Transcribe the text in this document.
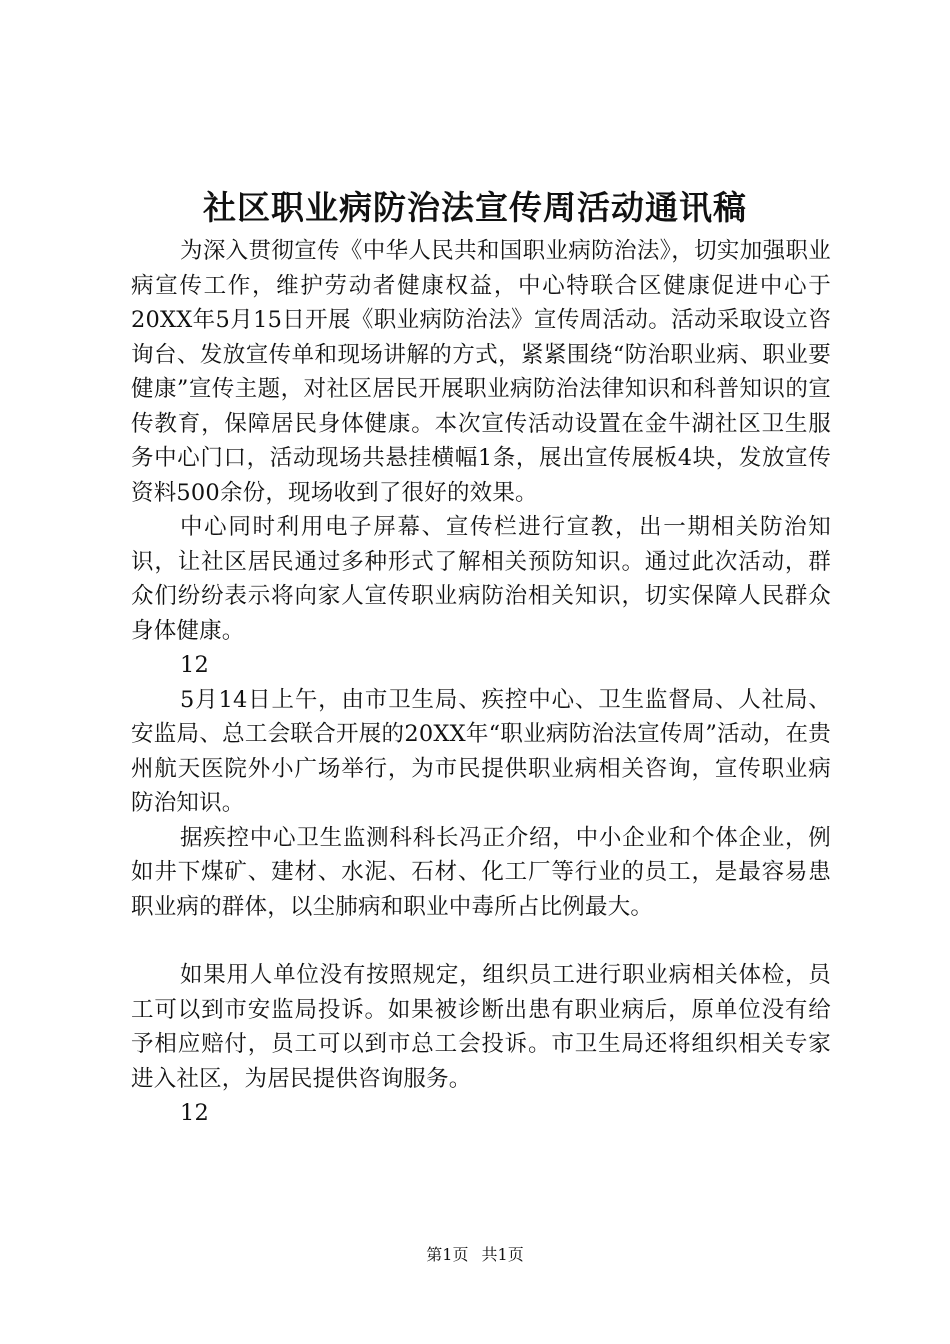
社区职业病防治法宣传周活动通讯稿

为深入贯彻宣传《中华人民共和国职业病防治法》，切实加强职业病宣传工作，维护劳动者健康权益，中心特联合区健康促进中心于20XX年5月15日开展《职业病防治法》宣传周活动。活动采取设立咨询台、发放宣传单和现场讲解的方式，紧紧围绕“防治职业病、职业要健康”宣传主题，对社区居民开展职业病防治法律知识和科普知识的宣传教育，保障居民身体健康。本次宣传活动设置在金牛湖社区卫生服务中心门口，活动现场共悬挂横幅1条，展出宣传展板4块，发放宣传资料500余份，现场收到了很好的效果。

中心同时利用电子屏幕、宣传栏进行宣教，出一期相关防治知识，让社区居民通过多种形式了解相关预防知识。通过此次活动，群众们纷纷表示将向家人宣传职业病防治相关知识，切实保障人民群众身体健康。

12

5月14日上午，由市卫生局、疾控中心、卫生监督局、人社局、安监局、总工会联合开展的20XX年“职业病防治法宣传周”活动，在贵州航天医院外小广场举行，为市民提供职业病相关咨询，宣传职业病防治知识。

据疾控中心卫生监测科科长冯正介绍，中小企业和个体企业，例如井下煤矿、建材、水泥、石材、化工厂等行业的员工，是最容易患职业病的群体，以尘肺病和职业中毒所占比例最大。

如果用人单位没有按照规定，组织员工进行职业病相关体检，员工可以到市安监局投诉。如果被诊断出患有职业病后，原单位没有给予相应赔付，员工可以到市总工会投诉。市卫生局还将组织相关专家进入社区，为居民提供咨询服务。

12

第1页 共1页
